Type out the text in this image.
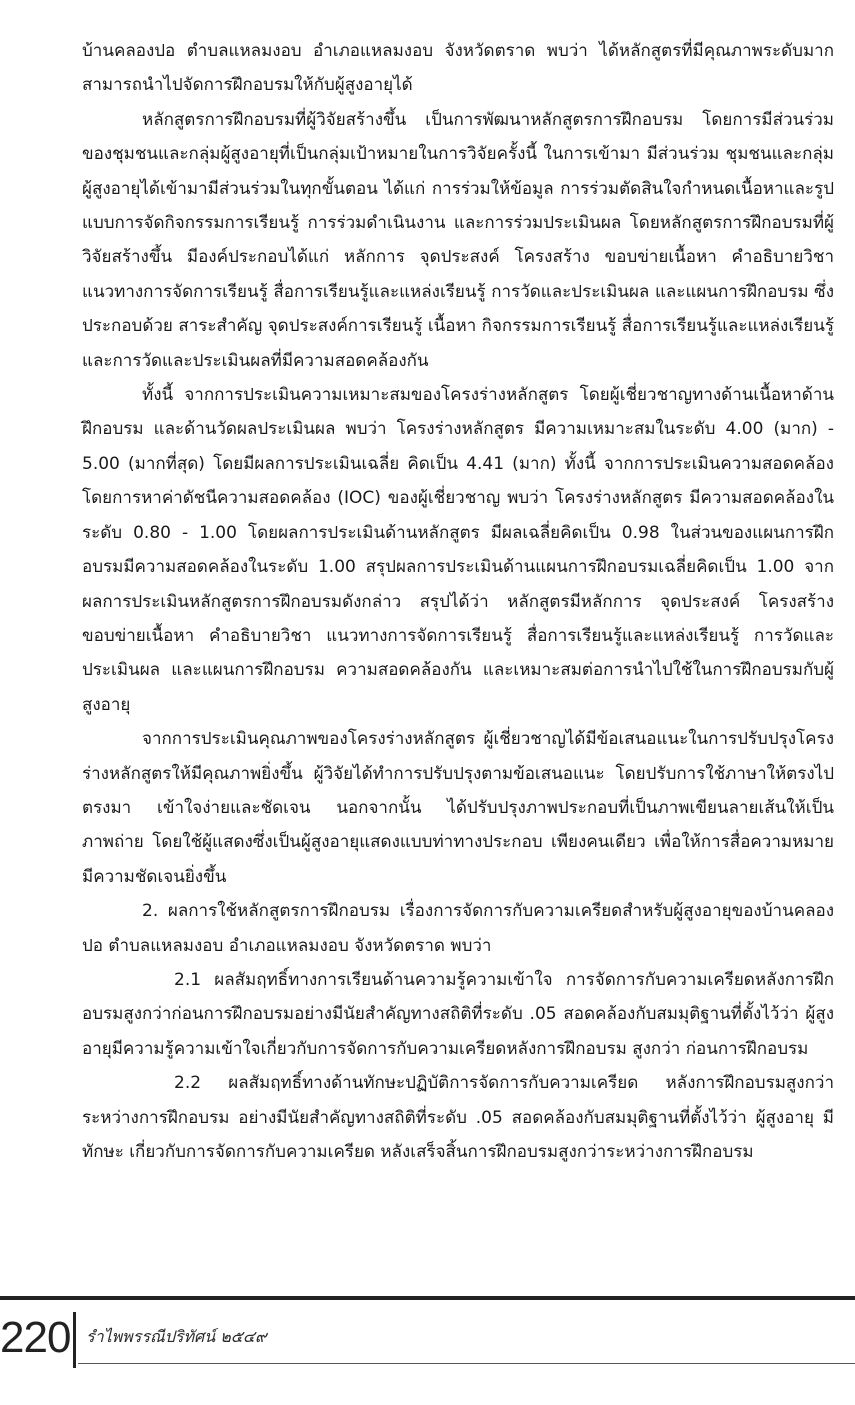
บ้านคลองปอ ตำบลแหลมงอบ อำเภอแหลมงอบ จังหวัดตราด พบว่า ได้หลักสูตรที่มีคุณภาพระดับมาก สามารถนำไปจัดการฝึกอบรมให้กับผู้สูงอายุได้

หลักสูตรการฝึกอบรมที่ผู้วิจัยสร้างขึ้น เป็นการพัฒนาหลักสูตรการฝึกอบรม โดยการมีส่วนร่วมของชุมชนและกลุ่มผู้สูงอายุที่เป็นกลุ่มเป้าหมายในการวิจัยครั้งนี้ ในการเข้ามา มีส่วนร่วม ชุมชนและกลุ่มผู้สูงอายุได้เข้ามามีส่วนร่วมในทุกขั้นตอน ได้แก่ การร่วมให้ข้อมูล การร่วมตัดสินใจกำหนดเนื้อหาและรูปแบบการจัดกิจกรรมการเรียนรู้ การร่วมดำเนินงาน และการร่วมประเมินผล โดยหลักสูตรการฝึกอบรมที่ผู้วิจัยสร้างขึ้น มีองค์ประกอบได้แก่ หลักการ จุดประสงค์ โครงสร้าง ขอบข่ายเนื้อหา คำอธิบายวิชา แนวทางการจัดการเรียนรู้ สื่อการเรียนรู้และแหล่งเรียนรู้ การวัดและประเมินผล และแผนการฝึกอบรม ซึ่งประกอบด้วย สาระสำคัญ จุดประสงค์การเรียนรู้ เนื้อหา กิจกรรมการเรียนรู้ สื่อการเรียนรู้และแหล่งเรียนรู้ และการวัดและประเมินผลที่มีความสอดคล้องกัน

ทั้งนี้ จากการประเมินความเหมาะสมของโครงร่างหลักสูตร โดยผู้เชี่ยวชาญทางด้านเนื้อหาด้านฝึกอบรม และด้านวัดผลประเมินผล พบว่า โครงร่างหลักสูตร มีความเหมาะสมในระดับ 4.00 (มาก) - 5.00 (มากที่สุด) โดยมีผลการประเมินเฉลี่ย คิดเป็น 4.41 (มาก) ทั้งนี้ จากการประเมินความสอดคล้องโดยการหาค่าดัชนีความสอดคล้อง (IOC) ของผู้เชี่ยวชาญ พบว่า โครงร่างหลักสูตร มีความสอดคล้องในระดับ 0.80 - 1.00 โดยผลการประเมินด้านหลักสูตร มีผลเฉลี่ยคิดเป็น 0.98 ในส่วนของแผนการฝึกอบรมมีความสอดคล้องในระดับ 1.00 สรุปผลการประเมินด้านแผนการฝึกอบรมเฉลี่ยคิดเป็น 1.00 จากผลการประเมินหลักสูตรการฝึกอบรมดังกล่าว สรุปได้ว่า หลักสูตรมีหลักการ จุดประสงค์ โครงสร้าง ขอบข่ายเนื้อหา คำอธิบายวิชา แนวทางการจัดการเรียนรู้ สื่อการเรียนรู้และแหล่งเรียนรู้ การวัดและประเมินผล และแผนการฝึกอบรม ความสอดคล้องกัน และเหมาะสมต่อการนำไปใช้ในการฝึกอบรมกับผู้สูงอายุ

จากการประเมินคุณภาพของโครงร่างหลักสูตร ผู้เชี่ยวชาญได้มีข้อเสนอแนะในการปรับปรุงโครงร่างหลักสูตรให้มีคุณภาพยิ่งขึ้น ผู้วิจัยได้ทำการปรับปรุงตามข้อเสนอแนะ โดยปรับการใช้ภาษาให้ตรงไปตรงมา เข้าใจง่ายและชัดเจน นอกจากนั้น ได้ปรับปรุงภาพประกอบที่เป็นภาพเขียนลายเส้นให้เป็นภาพถ่าย โดยใช้ผู้แสดงซึ่งเป็นผู้สูงอายุแสดงแบบท่าทางประกอบ เพียงคนเดียว เพื่อให้การสื่อความหมายมีความชัดเจนยิ่งขึ้น

2. ผลการใช้หลักสูตรการฝึกอบรม เรื่องการจัดการกับความเครียดสำหรับผู้สูงอายุของบ้านคลองปอ ตำบลแหลมงอบ อำเภอแหลมงอบ จังหวัดตราด พบว่า

2.1 ผลสัมฤทธิ์ทางการเรียนด้านความรู้ความเข้าใจ การจัดการกับความเครียดหลังการฝึกอบรมสูงกว่าก่อนการฝึกอบรมอย่างมีนัยสำคัญทางสถิติที่ระดับ .05 สอดคล้องกับสมมุติฐานที่ตั้งไว้ว่า ผู้สูงอายุมีความรู้ความเข้าใจเกี่ยวกับการจัดการกับความเครียดหลังการฝึกอบรม สูงกว่า ก่อนการฝึกอบรม

2.2 ผลสัมฤทธิ์ทางด้านทักษะปฏิบัติการจัดการกับความเครียด หลังการฝึกอบรมสูงกว่าระหว่างการฝึกอบรม อย่างมีนัยสำคัญทางสถิติที่ระดับ .05 สอดคล้องกับสมมุติฐานที่ตั้งไว้ว่า ผู้สูงอายุ มีทักษะ เกี่ยวกับการจัดการกับความเครียด หลังเสร็จสิ้นการฝึกอบรมสูงกว่าระหว่างการฝึกอบรม

220 รำไพพรรณีปริทัศน์ ๒๕๔๙
